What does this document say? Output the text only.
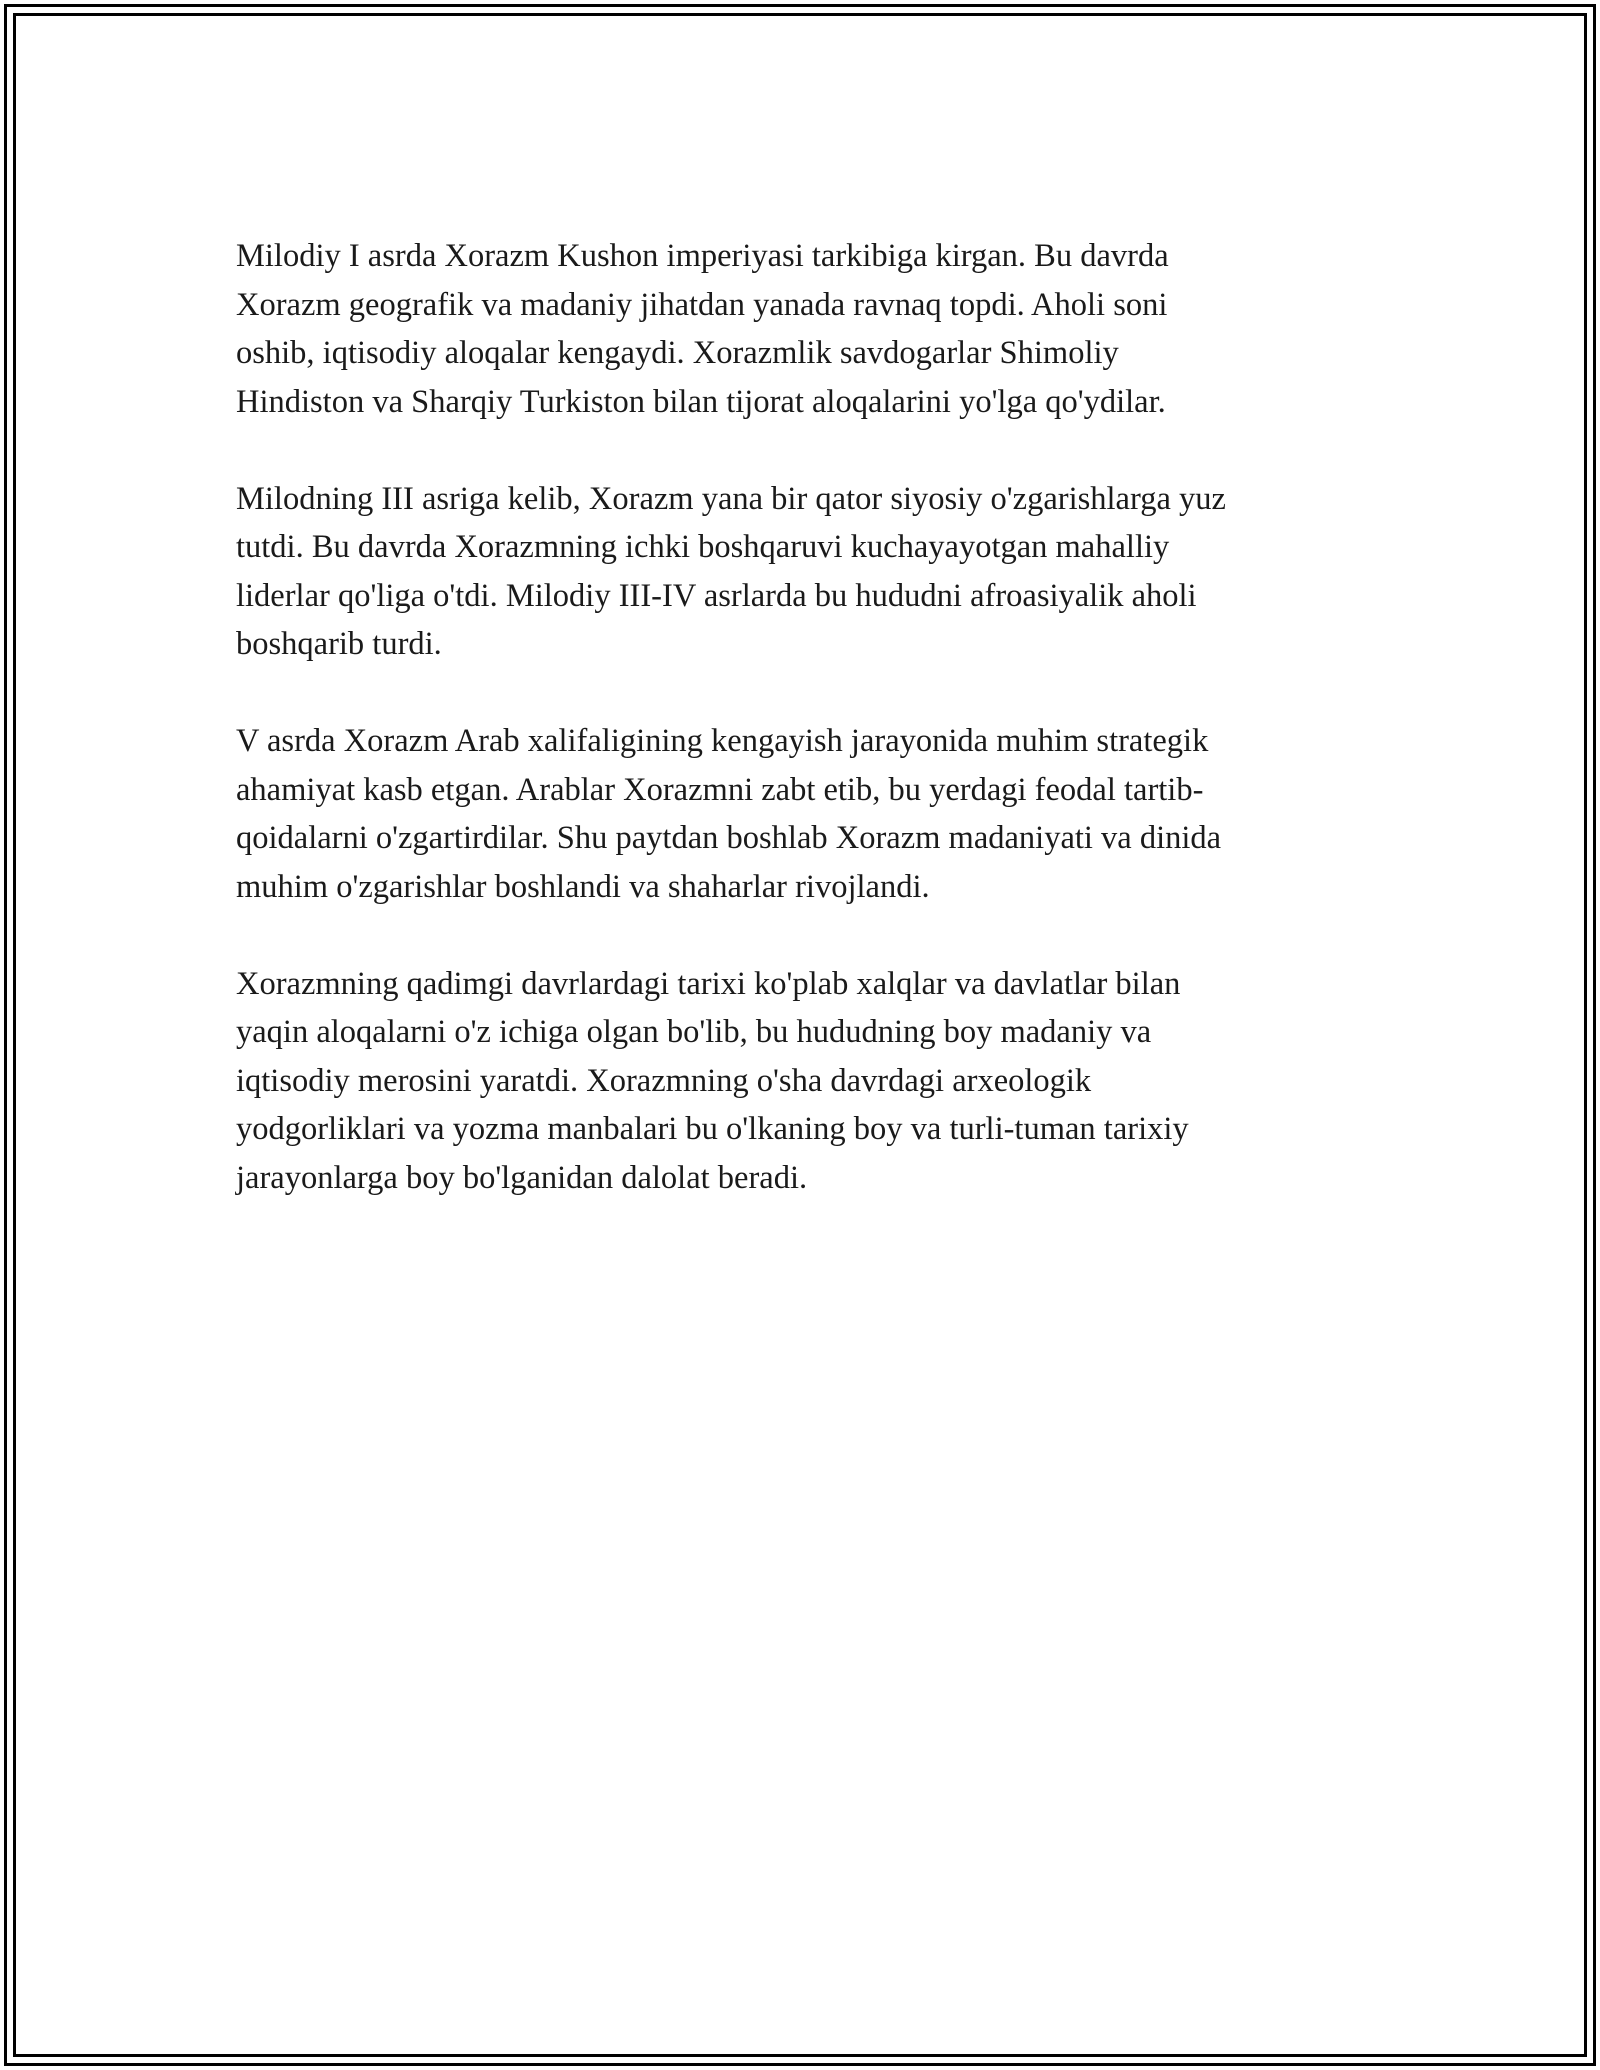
Milodiy I asrda Xorazm Kushon imperiyasi tarkibiga kirgan. Bu davrda
Xorazm geografik va madaniy jihatdan yanada ravnaq topdi. Aholi soni
oshib, iqtisodiy aloqalar kengaydi. Xorazmlik savdogarlar Shimoliy
Hindiston va Sharqiy Turkiston bilan tijorat aloqalarini yo'lga qo'ydilar.

Milodning III asriga kelib, Xorazm yana bir qator siyosiy o'zgarishlarga yuz
tutdi. Bu davrda Xorazmning ichki boshqaruvi kuchayayotgan mahalliy
liderlar qo'liga o'tdi. Milodiy III-IV asrlarda bu hududni afroasiyalik aholi
boshqarib turdi.

V asrda Xorazm Arab xalifaligining kengayish jarayonida muhim strategik
ahamiyat kasb etgan. Arablar Xorazmni zabt etib, bu yerdagi feodal tartib-
qoidalarni o'zgartirdilar. Shu paytdan boshlab Xorazm madaniyati va dinida
muhim o'zgarishlar boshlandi va shaharlar rivojlandi.

Xorazmning qadimgi davrlardagi tarixi ko'plab xalqlar va davlatlar bilan
yaqin aloqalarni o'z ichiga olgan bo'lib, bu hududning boy madaniy va
iqtisodiy merosini yaratdi. Xorazmning o'sha davrdagi arxeologik
yodgorliklari va yozma manbalari bu o'lkaning boy va turli-tuman tarixiy
jarayonlarga boy bo'lganidan dalolat beradi.
